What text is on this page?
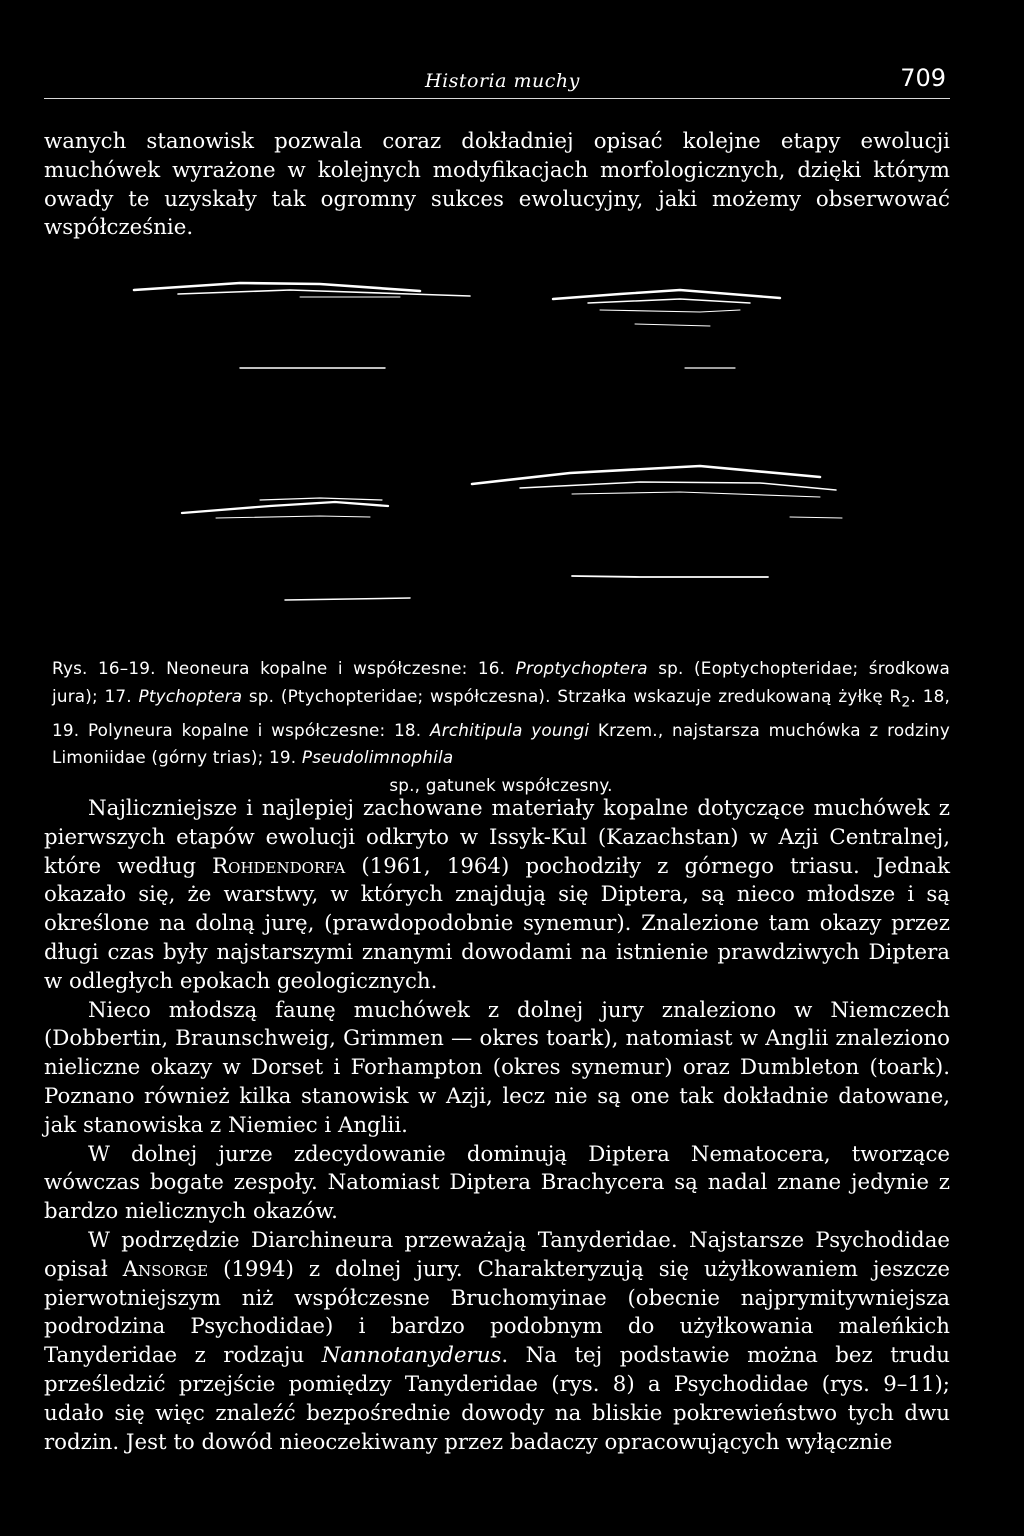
Historia muchy	709

wanych stanowisk pozwala coraz dokładniej opisać kolejne etapy ewolucji muchówek wyrażone w kolejnych modyfikacjach morfologicznych, dzięki którym owady te uzyskały tak ogromny sukces ewolucyjny, jaki możemy obserwować współcześnie.

Rys. 16–19. Neoneura kopalne i współczesne: 16. Proptychoptera sp. (Eoptychopteridae; środkowa jura); 17. Ptychoptera sp. (Ptychopteridae; współczesna). Strzałka wskazuje zredukowaną żyłkę $R_2$. 18, 19. Polyneura kopalne i współczesne: 18. Architipula youngi Krzem., najstarsza muchówka z rodziny Limoniidae (górny trias); 19. Pseudolimnophila
sp., gatunek współczesny.

Najliczniejsze i najlepiej zachowane materiały kopalne dotyczące muchówek z pierwszych etapów ewolucji odkryto w Issyk-Kul (Kazachstan) w Azji Centralnej, które według Rohdendorfa (1961, 1964) pochodziły z górnego triasu. Jednak okazało się, że warstwy, w których znajdują się Diptera, są nieco młodsze i są określone na dolną jurę, (prawdopodobnie synemur). Znalezione tam okazy przez długi czas były najstarszymi znanymi dowodami na istnienie prawdziwych Diptera w odległych epokach geologicznych.

Nieco młodszą faunę muchówek z dolnej jury znaleziono w Niemczech (Dobbertin, Braunschweig, Grimmen — okres toark), natomiast w Anglii znaleziono nieliczne okazy w Dorset i Forhampton (okres synemur) oraz Dumbleton (toark). Poznano również kilka stanowisk w Azji, lecz nie są one tak dokładnie datowane, jak stanowiska z Niemiec i Anglii.

W dolnej jurze zdecydowanie dominują Diptera Nematocera, tworzące wówczas bogate zespoły. Natomiast Diptera Brachycera są nadal znane jedynie z bardzo nielicznych okazów.

W podrzędzie Diarchineura przeważają Tanyderidae. Najstarsze Psychodidae opisał Ansorge (1994) z dolnej jury. Charakteryzują się użyłkowaniem jeszcze pierwotniejszym niż współczesne Bruchomyinae (obecnie najprymitywniejsza podrodzina Psychodidae) i bardzo podobnym do użyłkowania maleńkich Tanyderidae z rodzaju Nannotanyderus. Na tej podstawie można bez trudu prześledzić przejście pomiędzy Tanyderidae (rys. 8) a Psychodidae (rys. 9–11); udało się więc znaleźć bezpośrednie dowody na bliskie pokrewieństwo tych dwu rodzin. Jest to dowód nieoczekiwany przez badaczy opracowujących wyłącznie
